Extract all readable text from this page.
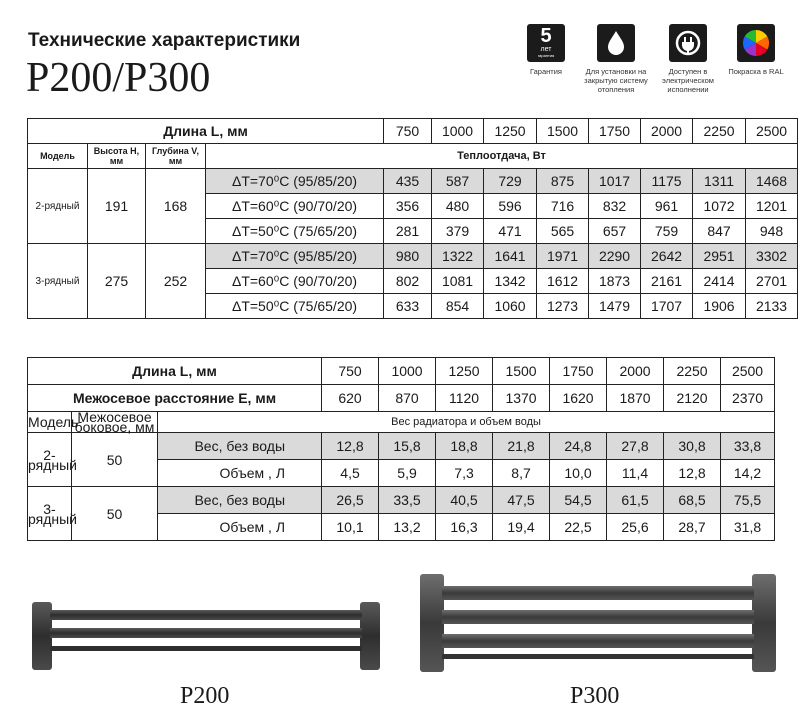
Технические характеристики
P200/P300
5
лет
гарантия
Гарантия	Для установки на закрытую систему отопления
Доступен в электрическом исполнении
Покраска в RAL
Длина L, мм				750	1000	1250	1500	1750	2000	2250	2500
Модель	Высота H, мм	Глубина V, мм	Теплоотдача, Вт								
2-рядный	191	168	ΔT=70⁰C (95/85/20)	435	587	729	875	1017	1175	1311	1468
			ΔT=60⁰C (90/70/20)	356	480	596	716	832	961	1072	1201
			ΔT=50⁰C (75/65/20)	281	379	471	565	657	759	847	948
3-рядный	275	252	ΔT=70⁰C (95/85/20)	980	1322	1641	1971	2290	2642	2951	3302
			ΔT=60⁰C (90/70/20)	802	1081	1342	1612	1873	2161	2414	2701
			ΔT=50⁰C (75/65/20)	633	854	1060	1273	1479	1707	1906	2133
Длина L, мм			750	1000	1250	1500	1750	2000	2250	2500
Межосевое расстояние E, мм			620	870	1120	1370	1620	1870	2120	2370
Модель	Межосевое боковое, мм	Вес радиатора и объем воды								
2-рядный	50	Вес, без воды	12,8	15,8	18,8	21,8	24,8	27,8	30,8	33,8
		Объем , Л	4,5	5,9	7,3	8,7	10,0	11,4	12,8	14,2
3-рядный	50	Вес, без воды	26,5	33,5	40,5	47,5	54,5	61,5	68,5	75,5
		Объем , Л	10,1	13,2	16,3	19,4	22,5	25,6	28,7	31,8
P200	P300
